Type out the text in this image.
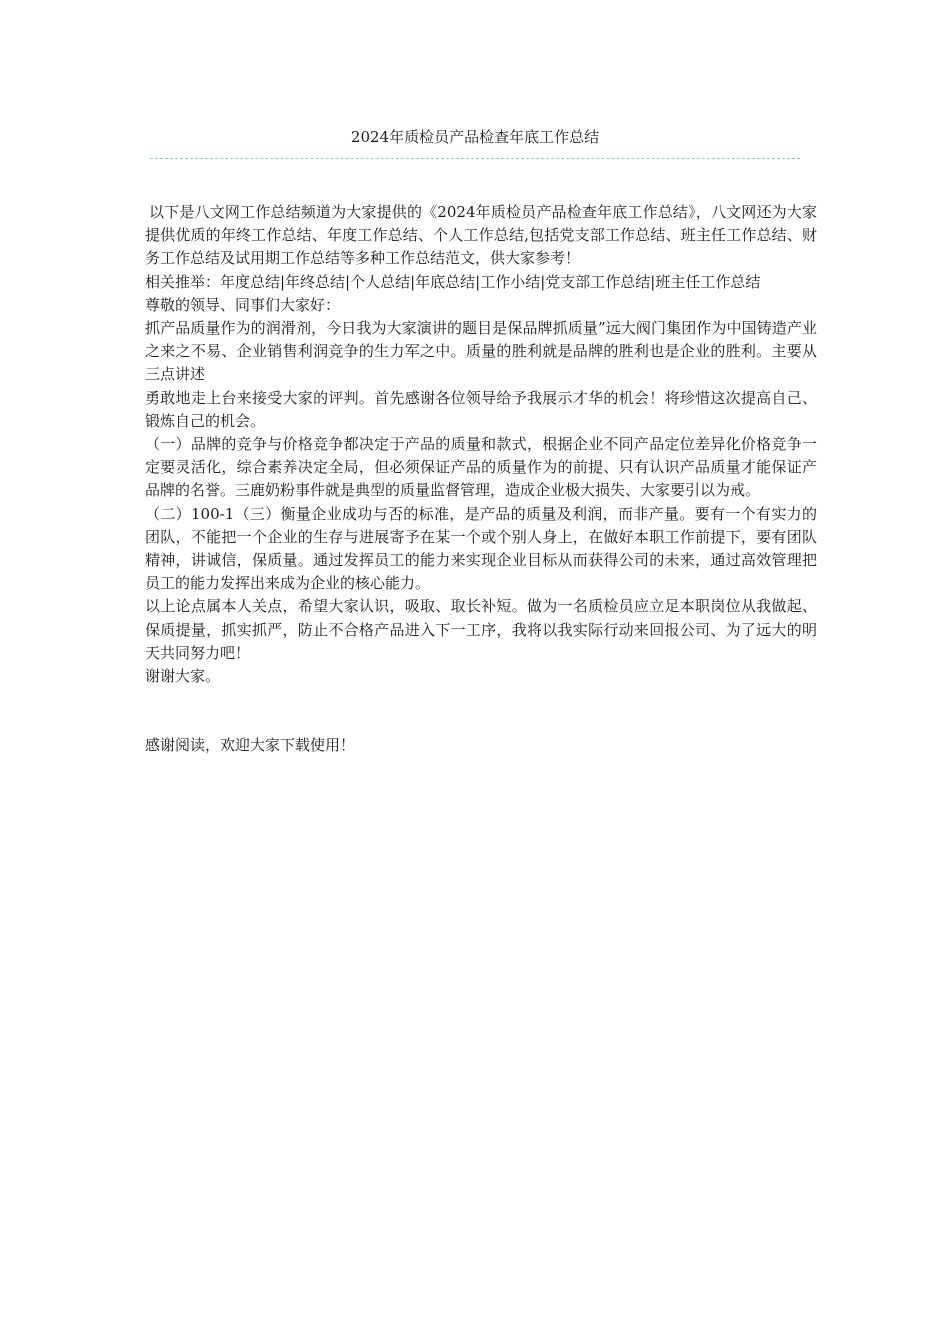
2024年质检员产品检查年底工作总结

以下是八文网工作总结频道为大家提供的《2024年质检员产品检查年底工作总结》，八文网还为大家提供优质的年终工作总结、年度工作总结、个人工作总结,包括党支部工作总结、班主任工作总结、财务工作总结及试用期工作总结等多种工作总结范文，供大家参考！

相关推举：年度总结|年终总结|个人总结|年底总结|工作小结|党支部工作总结|班主任工作总结

尊敬的领导、同事们大家好：

抓产品质量作为的润滑剂，今日我为大家演讲的题目是保品牌抓质量”远大阀门集团作为中国铸造产业之来之不易、企业销售利润竞争的生力军之中。质量的胜利就是品牌的胜利也是企业的胜利。主要从三点讲述

勇敢地走上台来接受大家的评判。首先感谢各位领导给予我展示才华的机会！将珍惜这次提高自己、锻炼自己的机会。

（一）品牌的竞争与价格竞争都决定于产品的质量和款式，根据企业不同产品定位差异化价格竞争一定要灵活化，综合素养决定全局，但必须保证产品的质量作为的前提、只有认识产品质量才能保证产品牌的名誉。三鹿奶粉事件就是典型的质量监督管理，造成企业极大损失、大家要引以为戒。

（二）100-1（三）衡量企业成功与否的标准，是产品的质量及利润，而非产量。要有一个有实力的团队，不能把一个企业的生存与进展寄予在某一个或个别人身上，在做好本职工作前提下，要有团队精神，讲诚信，保质量。通过发挥员工的能力来实现企业目标从而获得公司的未来，通过高效管理把员工的能力发挥出来成为企业的核心能力。

以上论点属本人关点，希望大家认识，吸取、取长补短。做为一名质检员应立足本职岗位从我做起、保质提量，抓实抓严，防止不合格产品进入下一工序，我将以我实际行动来回报公司、为了远大的明天共同努力吧！

谢谢大家。

感谢阅读，欢迎大家下载使用！
